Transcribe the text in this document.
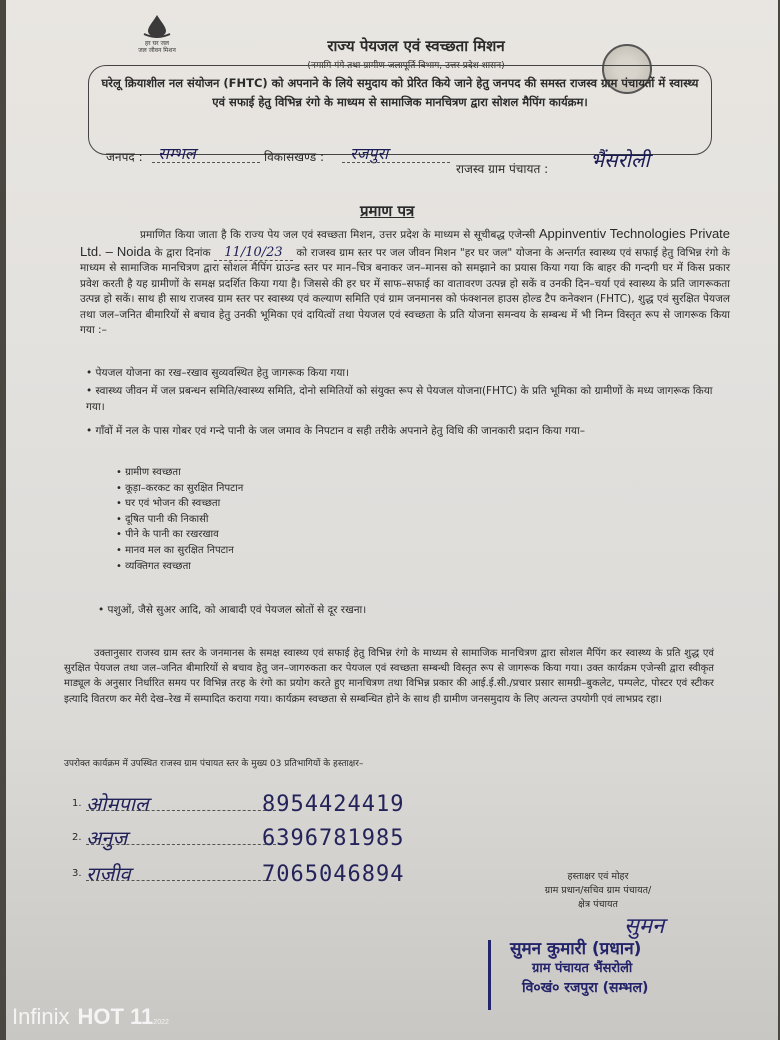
हर घर जल
जल जीवन मिशन	राज्य पेयजल एवं स्वच्छता मिशन
(नमामि गंगे तथा ग्रामीण जलापूर्ति विभाग, उत्तर प्रदेश शासन)
घरेलू क्रियाशील नल संयोजन (FHTC) को अपनाने के लिये समुदाय को प्रेरित किये जाने हेतु जनपद की समस्त राजस्व ग्राम पंचायतों में स्वास्थ्य एवं सफाई हेतु विभिन्न रंगो के माध्यम से सामाजिक मानचित्रण द्वारा सोशल मैपिंग कार्यक्रम।
जनपद : सम्भल	विकासखण्ड : रजपुरा
राजस्व ग्राम पंचायत : भैंसरोली
प्रमाण पत्र
प्रमाणित किया जाता है कि राज्य पेय जल एवं स्वच्छता मिशन, उत्तर प्रदेश के माध्यम से सूचीबद्ध एजेन्सी Appinventiv Technologies Private Ltd. – Noida के द्वारा दिनांक 11/10/23 को राजस्व ग्राम स्तर पर जल जीवन मिशन "हर घर जल" योजना के अन्तर्गत स्वास्थ्य एवं सफाई हेतु विभिन्न रंगो के माध्यम से सामाजिक मानचित्रण द्वारा सोशल मैपिंग ग्राउन्ड स्तर पर मान–चित्र बनाकर जन–मानस को समझाने का प्रयास किया गया कि बाहर की गन्दगी घर में किस प्रकार प्रवेश करती है यह ग्रामीणों के समक्ष प्रदर्शित किया गया है। जिससे की हर घर में साफ–सफाई का वातावरण उत्पन्न हो सकें व उनकी दिन–चर्या एवं स्वास्थ्य के प्रति जागरूकता उत्पन्न हो सकें। साथ ही साथ राजस्व ग्राम स्तर पर स्वास्थ्य एवं कल्याण समिति एवं ग्राम जनमानस को फंक्शनल हाउस होल्ड टैप कनेक्शन (FHTC), शुद्ध एवं सुरक्षित पेयजल तथा जल–जनित बीमारियों से बचाव हेतु उनकी भूमिका एवं दायित्वों तथा पेयजल एवं स्वच्छता के प्रति योजना समन्वय के सम्बन्ध में भी निम्न विस्तृत रूप से जागरूक किया गया :–
• पेयजल योजना का रख–रखाव सुव्यवस्थित हेतु जागरूक किया गया।
• स्वास्थ्य जीवन में जल प्रबन्धन समिति/स्वास्थ्य समिति, दोनो समितियों को संयुक्त रूप से पेयजल योजना(FHTC) के प्रति भूमिका को ग्रामीणों के मध्य जागरूक किया गया।
• गाँवों में नल के पास गोबर एवं गन्दे पानी के जल जमाव के निपटान व सही तरीके अपनाने हेतु विधि की जानकारी प्रदान किया गया–
• ग्रामीण स्वच्छता
• कूड़ा–करकट का सुरक्षित निपटान
• घर एवं भोजन की स्वच्छता
• दूषित पानी की निकासी
• पीने के पानी का रखरखाव
• मानव मल का सुरक्षित निपटान
• व्यक्तिगत स्वच्छता
• पशुओं, जैसे सुअर आदि, को आबादी एवं पेयजल स्रोतों से दूर रखना।
उक्तानुसार राजस्व ग्राम स्तर के जनमानस के समक्ष स्वास्थ्य एवं सफाई हेतु विभिन्न रंगो के माध्यम से सामाजिक मानचित्रण द्वारा सोशल मैपिंग कर स्वास्थ्य के प्रति शुद्ध एवं सुरक्षित पेयजल तथा जल–जनित बीमारियों से बचाव हेतु जन–जागरुकता कर पेयजल एवं स्वच्छता सम्बन्धी विस्तृत रूप से जागरूक किया गया। उक्त कार्यक्रम एजेन्सी द्वारा स्वीकृत माड्यूल के अनुसार निर्धारित समय पर विभिन्न तरह के रंगो का प्रयोग करते हुए मानचित्रण तथा विभिन्न प्रकार की आई.ई.सी./प्रचार प्रसार सामग्री–बुकलेट, पम्पलेट, पोस्टर एवं स्टीकर इत्यादि वितरण कर मेरी देख–रेख में सम्पादित कराया गया। कार्यक्रम स्वच्छता से सम्बन्धित होने के साथ ही ग्रामीण जनसमुदाय के लिए अत्यन्त उपयोगी एवं लाभप्रद रहा।
उपरोक्त कार्यक्रम में उपस्थित राजस्व ग्राम पंचायत स्तर के मुख्य 03 प्रतिभागियों के हस्ताक्षर–
1. ओमपाल	8954424419
2. अनुज	6396781985
3. राजीव	7065046894	हस्ताक्षर एवं मोहर
ग्राम प्रधान/सचिव ग्राम पंचायत/
क्षेत्र पंचायत
सुमन
सुमन कुमारी (प्रधान)
ग्राम पंचायत भैंसरोली
वि०खं० रजपुरा (सम्भल)
Infinix HOT 112022
